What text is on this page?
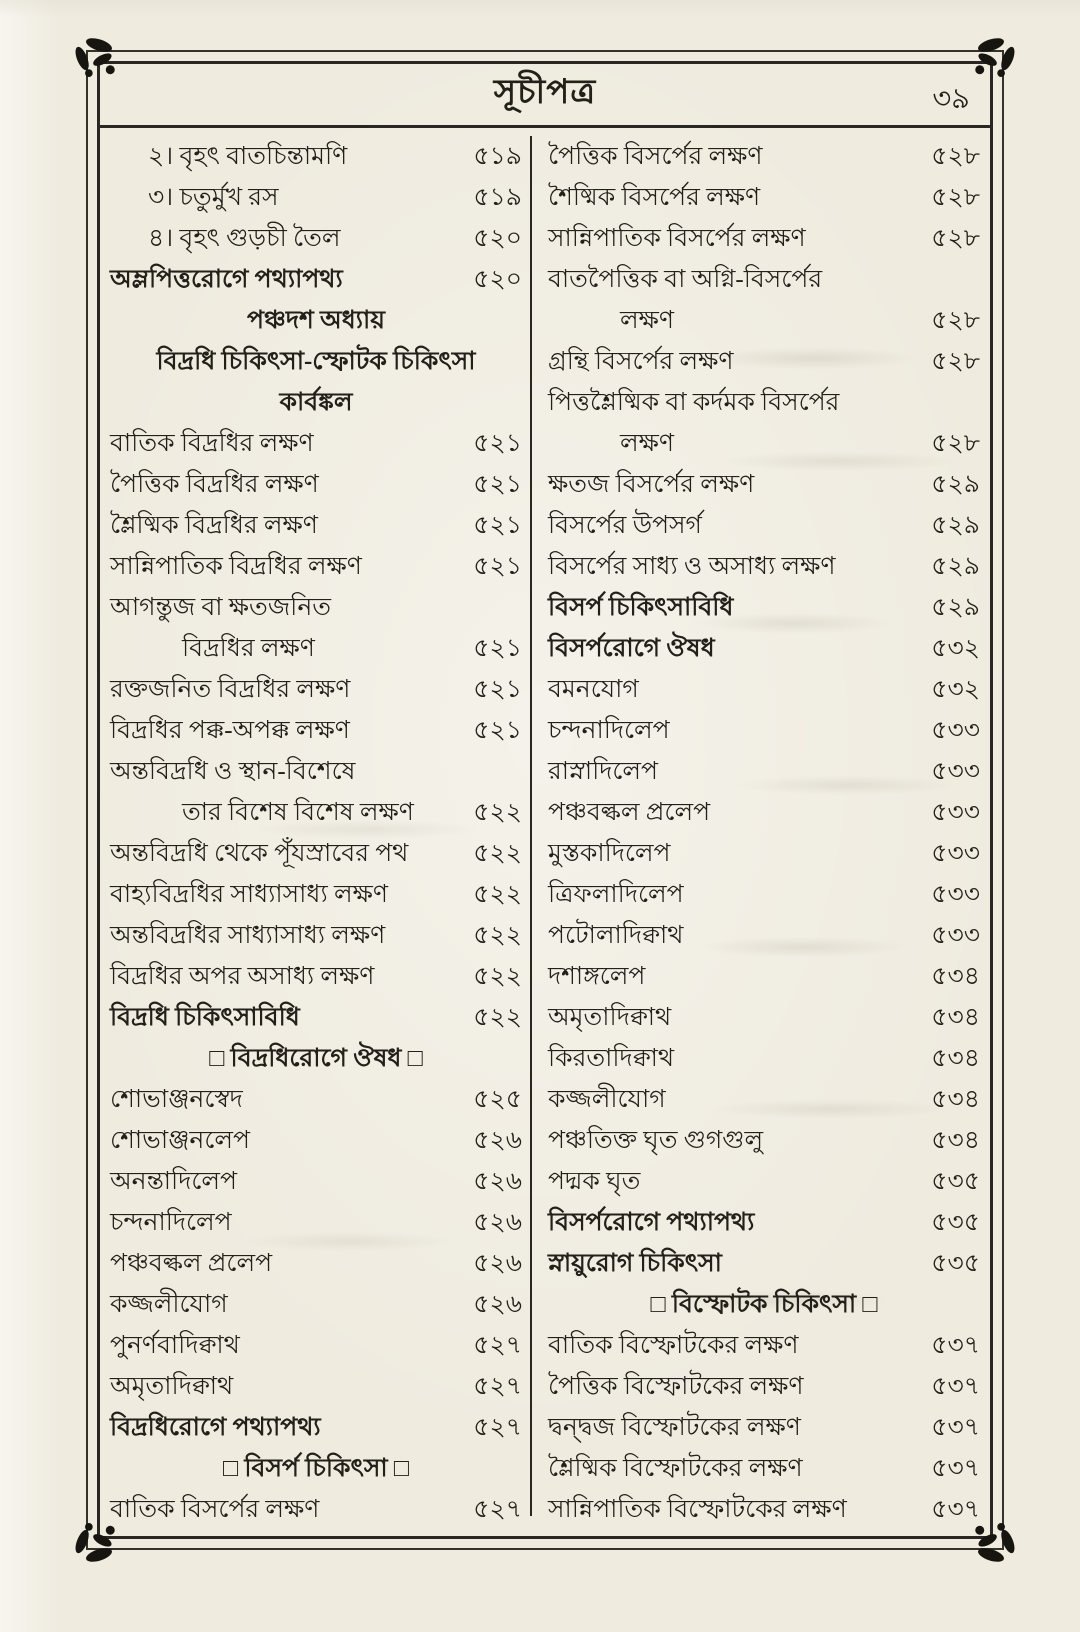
সূচীপত্র	৩৯
২। বৃহৎ বাতচিন্তামণি	৫১৯
৩। চতুর্মুখ রস	৫১৯
৪। বৃহৎ গুড়চী তৈল	৫২০
অম্লপিত্তরোগে পথ্যাপথ্য	৫২০
পঞ্চদশ অধ্যায়
বিদ্রধি চিকিৎসা-স্ফোটক চিকিৎসা
কার্বঙ্কল
বাতিক বিদ্রধির লক্ষণ	৫২১
পৈত্তিক বিদ্রধির লক্ষণ	৫২১
শ্লৈষ্মিক বিদ্রধির লক্ষণ	৫২১
সান্নিপাতিক বিদ্রধির লক্ষণ	৫২১
আগন্তুজ বা ক্ষতজনিত
বিদ্রধির লক্ষণ	৫২১
রক্তজনিত বিদ্রধির লক্ষণ	৫২১
বিদ্রধির পক্ক-অপক্ক লক্ষণ	৫২১
অন্তবিদ্রধি ও স্থান-বিশেষে
তার বিশেষ বিশেষ লক্ষণ	৫২২
অন্তবিদ্রধি থেকে পূঁযস্রাবের পথ	৫২২
বাহ্যবিদ্রধির সাধ্যাসাধ্য লক্ষণ	৫২২
অন্তবিদ্রধির সাধ্যাসাধ্য লক্ষণ	৫২২
বিদ্রধির অপর অসাধ্য লক্ষণ	৫২২
বিদ্রধি চিকিৎসাবিধি	৫২২
□ বিদ্রধিরোগে ঔষধ □
শোভাঞ্জনস্বেদ	৫২৫
শোভাঞ্জনলেপ	৫২৬
অনন্তাদিলেপ	৫২৬
চন্দনাদিলেপ	৫২৬
পঞ্চবল্কল প্রলেপ	৫২৬
কজ্জলীযোগ	৫২৬
পুনর্ণবাদিক্বাথ	৫২৭
অমৃতাদিক্বাথ	৫২৭
বিদ্রধিরোগে পথ্যাপথ্য	৫২৭
□ বিসর্প চিকিৎসা □
বাতিক বিসর্পের লক্ষণ	৫২৭
পৈত্তিক বিসর্পের লক্ষণ	৫২৮
শৈষ্মিক বিসর্পের লক্ষণ	৫২৮
সান্নিপাতিক বিসর্পের লক্ষণ	৫২৮
বাতপৈত্তিক বা অগ্নি-বিসর্পের
লক্ষণ	৫২৮
গ্রন্থি বিসর্পের লক্ষণ	৫২৮
পিত্তশ্লৈষ্মিক বা কর্দমক বিসর্পের
লক্ষণ	৫২৮
ক্ষতজ বিসর্পের লক্ষণ	৫২৯
বিসর্পের উপসর্গ	৫২৯
বিসর্পের সাধ্য ও অসাধ্য লক্ষণ	৫২৯
বিসর্প চিকিৎসাবিধি	৫২৯
বিসর্পরোগে ঔষধ	৫৩২
বমনযোগ	৫৩২
চন্দনাদিলেপ	৫৩৩
রাস্নাদিলেপ	৫৩৩
পঞ্চবল্কল প্রলেপ	৫৩৩
মুস্তকাদিলেপ	৫৩৩
ত্রিফলাদিলেপ	৫৩৩
পটোলাদিক্বাথ	৫৩৩
দশাঙ্গলেপ	৫৩৪
অমৃতাদিক্বাথ	৫৩৪
কিরতাদিক্বাথ	৫৩৪
কজ্জলীযোগ	৫৩৪
পঞ্চতিক্ত ঘৃত গুগগুলু	৫৩৪
পদ্মক ঘৃত	৫৩৫
বিসর্পরোগে পথ্যাপথ্য	৫৩৫
স্নায়ুরোগ চিকিৎসা	৫৩৫
□ বিস্ফোটক চিকিৎসা □
বাতিক বিস্ফোটকের লক্ষণ	৫৩৭
পৈত্তিক বিস্ফোটকের লক্ষণ	৫৩৭
দ্বন্দ্বজ বিস্ফোটকের লক্ষণ	৫৩৭
শ্লৈষ্মিক বিস্ফোটকের লক্ষণ	৫৩৭
সান্নিপাতিক বিস্ফোটকের লক্ষণ	৫৩৭
